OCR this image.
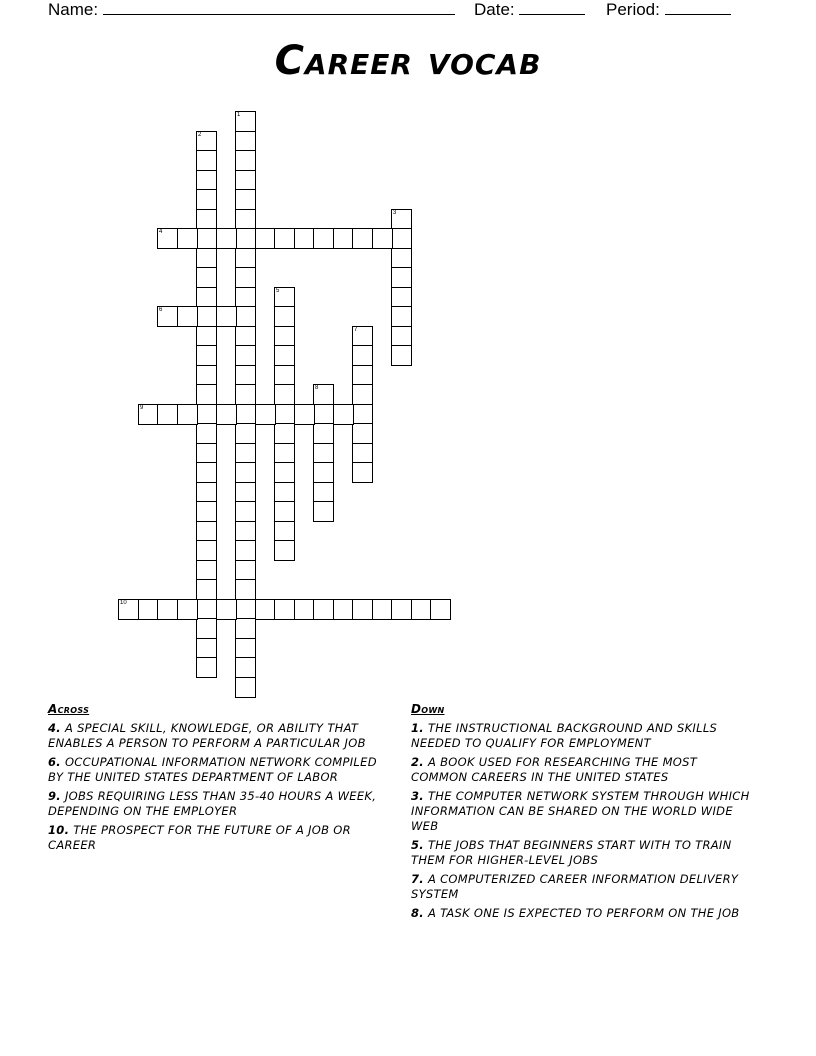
Name:	Date:	Period:
Career vocab
1
2
3
4
5
6
7
8
9
10
Across
4. A SPECIAL SKILL, KNOWLEDGE, OR ABILITY THAT ENABLES A PERSON TO PERFORM A PARTICULAR JOB
6. OCCUPATIONAL INFORMATION NETWORK COMPILED BY THE UNITED STATES DEPARTMENT OF LABOR
9. JOBS REQUIRING LESS THAN 35-40 HOURS A WEEK, DEPENDING ON THE EMPLOYER
10. THE PROSPECT FOR THE FUTURE OF A JOB OR CAREER
Down
1. THE INSTRUCTIONAL BACKGROUND AND SKILLS NEEDED TO QUALIFY FOR EMPLOYMENT
2. A BOOK USED FOR RESEARCHING THE MOST COMMON CAREERS IN THE UNITED STATES
3. THE COMPUTER NETWORK SYSTEM THROUGH WHICH INFORMATION CAN BE SHARED ON THE WORLD WIDE WEB
5. THE JOBS THAT BEGINNERS START WITH TO TRAIN THEM FOR HIGHER-LEVEL JOBS
7. A COMPUTERIZED CAREER INFORMATION DELIVERY SYSTEM
8. A TASK ONE IS EXPECTED TO PERFORM ON THE JOB
